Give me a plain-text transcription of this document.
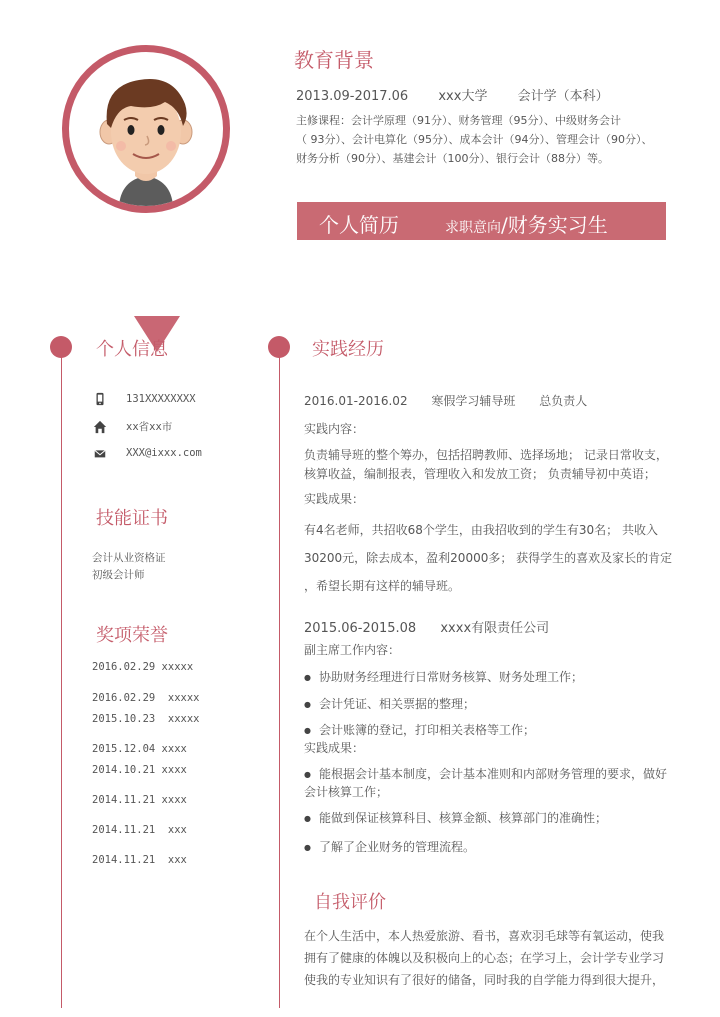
教育背景
2013.09-2017.06 xxx大学 会计学（本科）
主修课程：会计学原理（91分）、财务管理（95分）、中级财务会计
（ 93分）、会计电算化（95分）、成本会计（94分）、管理会计（90分）、
财务分析（90分）、基建会计（100分）、银行会计（88分）等。
个人简历	求职意向/财务实习生
个人信息
131XXXXXXXX
xx省xx市
XXX@ixxx.com
技能证书
会计从业资格证
初级会计师
奖项荣誉
2016.02.29 xxxxx
2016.02.29 xxxxx
2015.10.23 xxxxx
2015.12.04 xxxx
2014.10.21 xxxx
2014.11.21 xxxx
2014.11.21 xxx
2014.11.21 xxx
实践经历
2016.01-2016.02 寒假学习辅导班 总负责人
实践内容：
负责辅导班的整个筹办，包括招聘教师、选择场地； 记录日常收支，
核算收益，编制报表，管理收入和发放工资； 负责辅导初中英语；
实践成果：
有4名老师，共招收68个学生，由我招收到的学生有30名； 共收入
30200元，除去成本，盈利20000多； 获得学生的喜欢及家长的肯定
，希望长期有这样的辅导班。
2015.06-2015.08 xxxx有限责任公司
副主席工作内容：
● 协助财务经理进行日常财务核算、财务处理工作；
● 会计凭证、相关票据的整理；
● 会计账簿的登记，打印相关表格等工作；
实践成果：
● 能根据会计基本制度，会计基本准则和内部财务管理的要求，做好
会计核算工作；
● 能做到保证核算科目、核算金额、核算部门的准确性；
● 了解了企业财务的管理流程。
自我评价
在个人生活中，本人热爱旅游、看书，喜欢羽毛球等有氧运动，使我
拥有了健康的体魄以及积极向上的心态；在学习上，会计学专业学习
使我的专业知识有了很好的储备，同时我的自学能力得到很大提升，
